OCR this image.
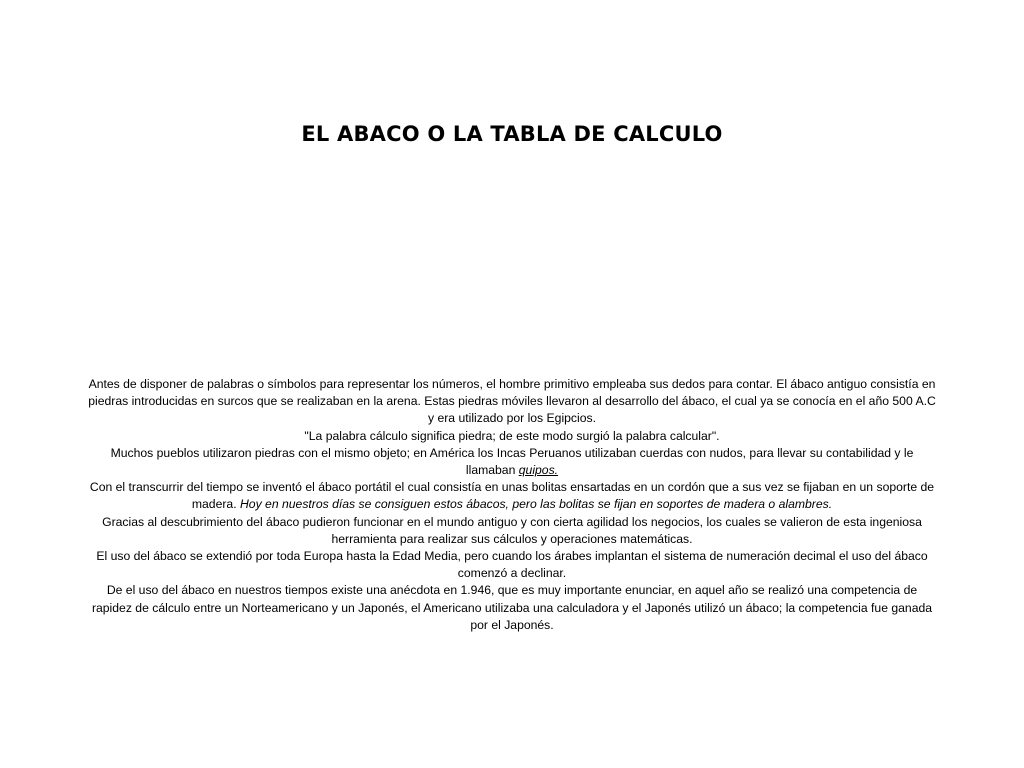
EL ABACO O LA TABLA DE CALCULO

Antes de disponer de palabras o símbolos para representar los números, el hombre primitivo empleaba sus dedos para contar. El ábaco antiguo consistía en piedras introducidas en surcos que se realizaban en la arena. Estas piedras móviles llevaron al desarrollo del ábaco, el cual ya se conocía en el año 500 A.C y era utilizado por los Egipcios.

"La palabra cálculo significa piedra; de este modo surgió la palabra calcular".

Muchos pueblos utilizaron piedras con el mismo objeto; en América los Incas Peruanos utilizaban cuerdas con nudos, para llevar su contabilidad y le llamaban quipos.

Con el transcurrir del tiempo se inventó el ábaco portátil el cual consistía en unas bolitas ensartadas en un cordón que a sus vez se fijaban en un soporte de madera. Hoy en nuestros días se consiguen estos ábacos, pero las bolitas se fijan en soportes de madera o alambres.

Gracias al descubrimiento del ábaco pudieron funcionar en el mundo antiguo y con cierta agilidad los negocios, los cuales se valieron de esta ingeniosa herramienta para realizar sus cálculos y operaciones matemáticas.

El uso del ábaco se extendió por toda Europa hasta la Edad Media, pero cuando los árabes implantan el sistema de numeración decimal el uso del ábaco comenzó a declinar.

De el uso del ábaco en nuestros tiempos existe una anécdota en 1.946, que es muy importante enunciar, en aquel año se realizó una competencia de rapidez de cálculo entre un Norteamericano y un Japonés, el Americano utilizaba una calculadora y el Japonés utilizó un ábaco; la competencia fue ganada por el Japonés.
